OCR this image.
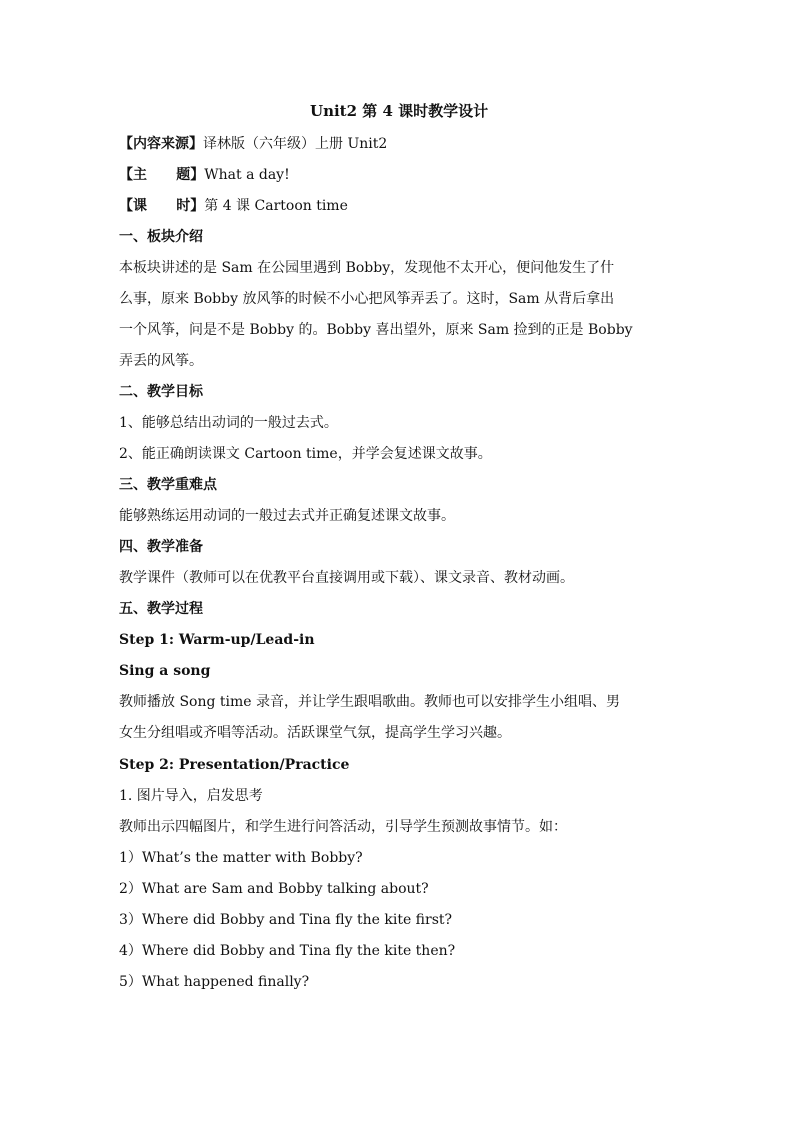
Unit2 第 4 课时教学设计
【内容来源】译林版（六年级）上册 Unit2
【主      题】What a day!
【课      时】第 4 课 Cartoon time
一、板块介绍
本板块讲述的是 Sam 在公园里遇到 Bobby，发现他不太开心，便问他发生了什
么事，原来 Bobby 放风筝的时候不小心把风筝弄丢了。这时，Sam 从背后拿出
一个风筝，问是不是 Bobby 的。Bobby 喜出望外，原来 Sam 捡到的正是 Bobby
弄丢的风筝。
二、教学目标
1、能够总结出动词的一般过去式。
2、能正确朗读课文 Cartoon time，并学会复述课文故事。
三、教学重难点
能够熟练运用动词的一般过去式并正确复述课文故事。
四、教学准备
教学课件（教师可以在优教平台直接调用或下载）、课文录音、教材动画。
五、教学过程
Step 1: Warm-up/Lead-in
Sing a song
教师播放 Song time 录音，并让学生跟唱歌曲。教师也可以安排学生小组唱、男
女生分组唱或齐唱等活动。活跃课堂气氛，提高学生学习兴趣。
Step 2: Presentation/Practice
1. 图片导入，启发思考
教师出示四幅图片，和学生进行问答活动，引导学生预测故事情节。如：
1）What’s the matter with Bobby?
2）What are Sam and Bobby talking about?
3）Where did Bobby and Tina fly the kite first?
4）Where did Bobby and Tina fly the kite then?
5）What happened finally?
